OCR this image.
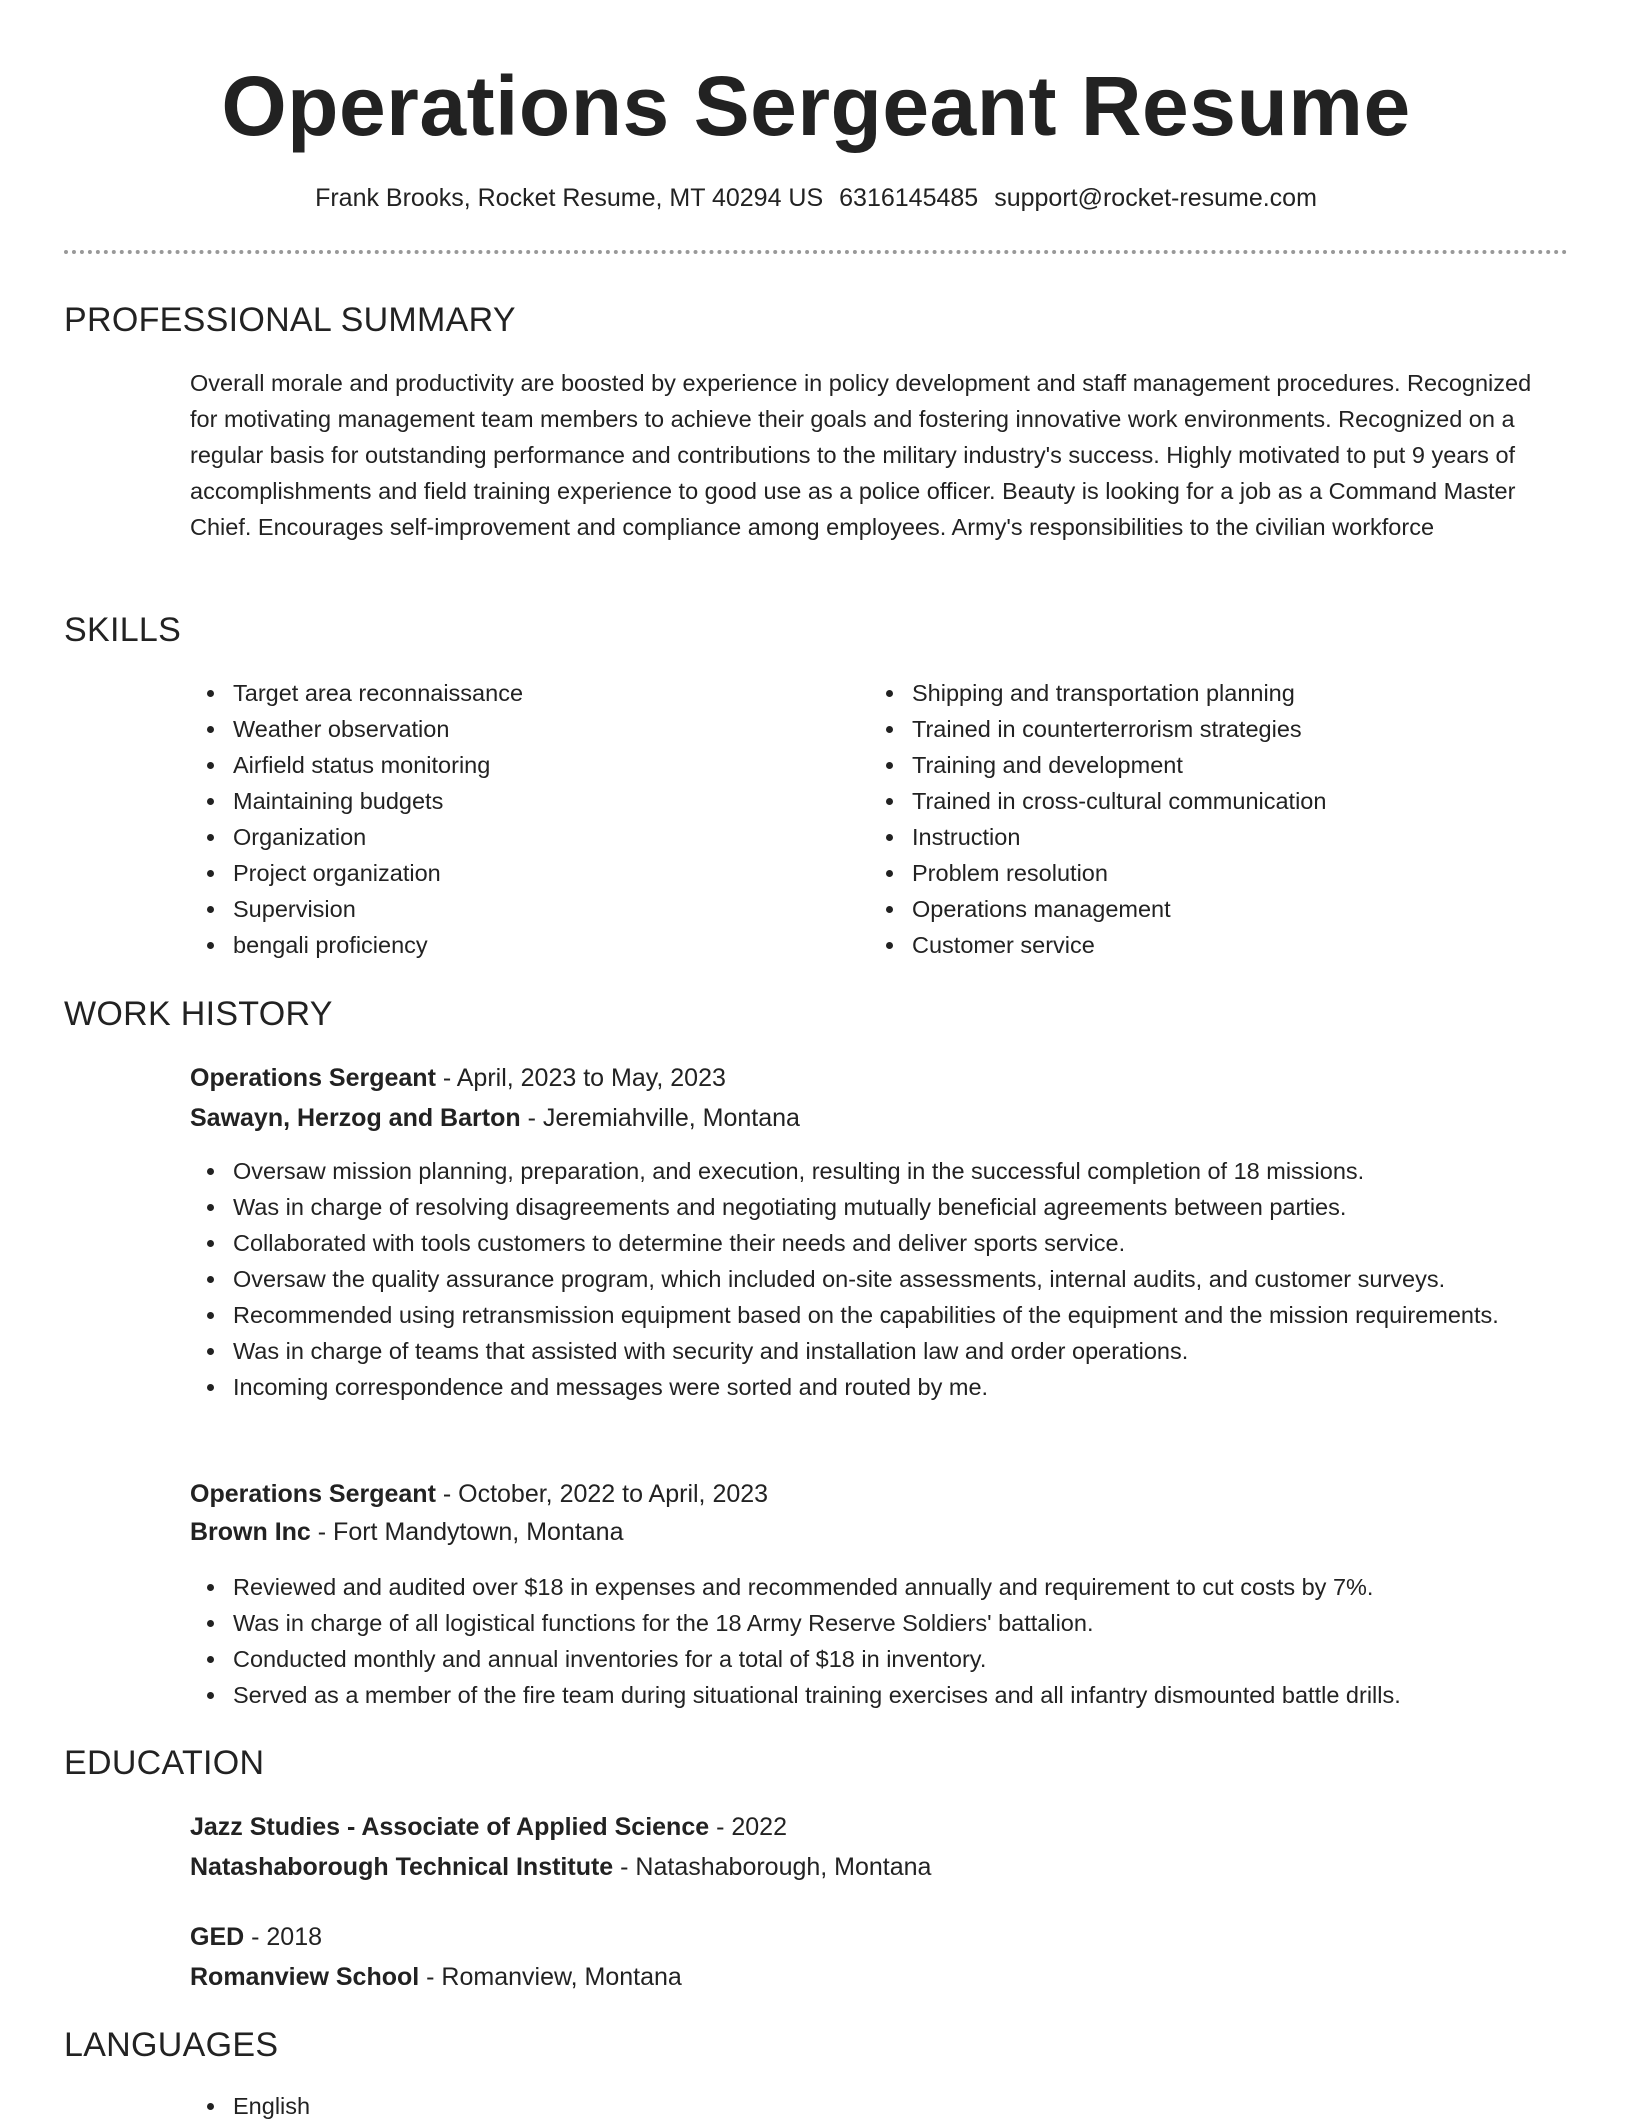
Operations Sergeant Resume
Frank Brooks, Rocket Resume, MT 40294 US 6316145485 support@rocket-resume.com
PROFESSIONAL SUMMARY

Overall morale and productivity are boosted by experience in policy development and staff management procedures. Recognized for motivating management team members to achieve their goals and fostering innovative work environments. Recognized on a regular basis for outstanding performance and contributions to the military industry's success. Highly motivated to put 9 years of accomplishments and field training experience to good use as a police officer. Beauty is looking for a job as a Command Master Chief. Encourages self-improvement and compliance among employees. Army's responsibilities to the civilian workforce

SKILLS
Target area reconnaissance
Weather observation
Airfield status monitoring
Maintaining budgets
Organization
Project organization
Supervision
bengali proficiency
Shipping and transportation planning
Trained in counterterrorism strategies
Training and development
Trained in cross-cultural communication
Instruction
Problem resolution
Operations management
Customer service
WORK HISTORY
Operations Sergeant - April, 2023 to May, 2023
Sawayn, Herzog and Barton - Jeremiahville, Montana
Oversaw mission planning, preparation, and execution, resulting in the successful completion of 18 missions.
Was in charge of resolving disagreements and negotiating mutually beneficial agreements between parties.
Collaborated with tools customers to determine their needs and deliver sports service.
Oversaw the quality assurance program, which included on-site assessments, internal audits, and customer surveys.
Recommended using retransmission equipment based on the capabilities of the equipment and the mission requirements.
Was in charge of teams that assisted with security and installation law and order operations.
Incoming correspondence and messages were sorted and routed by me.
Operations Sergeant - October, 2022 to April, 2023
Brown Inc - Fort Mandytown, Montana
Reviewed and audited over $18 in expenses and recommended annually and requirement to cut costs by 7%.
Was in charge of all logistical functions for the 18 Army Reserve Soldiers' battalion.
Conducted monthly and annual inventories for a total of $18 in inventory.
Served as a member of the fire team during situational training exercises and all infantry dismounted battle drills.
EDUCATION
Jazz Studies - Associate of Applied Science - 2022
Natashaborough Technical Institute - Natashaborough, Montana
GED - 2018
Romanview School - Romanview, Montana
LANGUAGES
English
